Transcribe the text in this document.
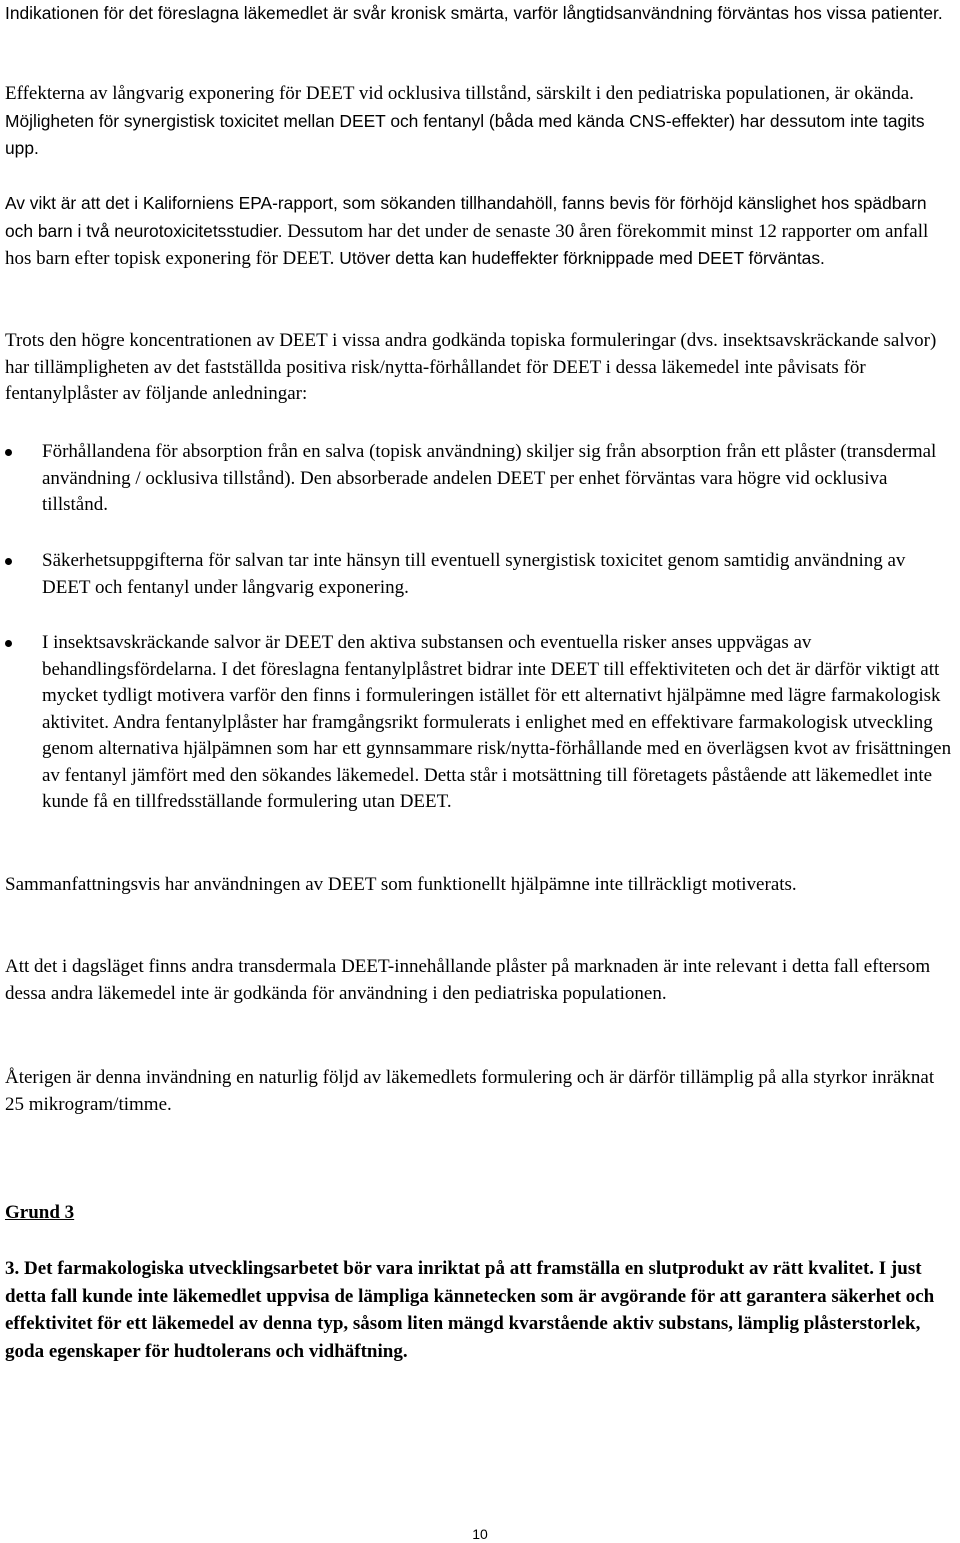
Indikationen för det föreslagna läkemedlet är svår kronisk smärta, varför långtidsanvändning förväntas hos vissa patienter.

Effekterna av långvarig exponering för DEET vid ocklusiva tillstånd, särskilt i den pediatriska populationen, är okända. Möjligheten för synergistisk toxicitet mellan DEET och fentanyl (båda med kända CNS-effekter) har dessutom inte tagits upp.

Av vikt är att det i Kaliforniens EPA-rapport, som sökanden tillhandahöll, fanns bevis för förhöjd känslighet hos spädbarn och barn i två neurotoxicitetsstudier. Dessutom har det under de senaste 30 åren förekommit minst 12 rapporter om anfall hos barn efter topisk exponering för DEET. Utöver detta kan hudeffekter förknippade med DEET förväntas.

Trots den högre koncentrationen av DEET i vissa andra godkända topiska formuleringar (dvs. insektsavskräckande salvor) har tillämpligheten av det fastställda positiva risk/nytta-förhållandet för DEET i dessa läkemedel inte påvisats för fentanylplåster av följande anledningar:

Förhållandena för absorption från en salva (topisk användning) skiljer sig från absorption från ett plåster (transdermal användning / ocklusiva tillstånd). Den absorberade andelen DEET per enhet förväntas vara högre vid ocklusiva tillstånd.

Säkerhetsuppgifterna för salvan tar inte hänsyn till eventuell synergistisk toxicitet genom samtidig användning av DEET och fentanyl under långvarig exponering.

I insektsavskräckande salvor är DEET den aktiva substansen och eventuella risker anses uppvägas av behandlingsfördelarna. I det föreslagna fentanylplåstret bidrar inte DEET till effektiviteten och det är därför viktigt att mycket tydligt motivera varför den finns i formuleringen istället för ett alternativt hjälpämne med lägre farmakologisk aktivitet. Andra fentanylplåster har framgångsrikt formulerats i enlighet med en effektivare farmakologisk utveckling genom alternativa hjälpämnen som har ett gynnsammare risk/nytta-förhållande med en överlägsen kvot av frisättningen av fentanyl jämfört med den sökandes läkemedel. Detta står i motsättning till företagets påstående att läkemedlet inte kunde få en tillfredsställande formulering utan DEET.

Sammanfattningsvis har användningen av DEET som funktionellt hjälpämne inte tillräckligt motiverats.

Att det i dagsläget finns andra transdermala DEET-innehållande plåster på marknaden är inte relevant i detta fall eftersom dessa andra läkemedel inte är godkända för användning i den pediatriska populationen.

Återigen är denna invändning en naturlig följd av läkemedlets formulering och är därför tillämplig på alla styrkor inräknat 25 mikrogram/timme.

Grund 3

3. Det farmakologiska utvecklingsarbetet bör vara inriktat på att framställa en slutprodukt av rätt kvalitet. I just detta fall kunde inte läkemedlet uppvisa de lämpliga kännetecken som är avgörande för att garantera säkerhet och effektivitet för ett läkemedel av denna typ, såsom liten mängd kvarstående aktiv substans, lämplig plåsterstorlek, goda egenskaper för hudtolerans och vidhäftning.

10
